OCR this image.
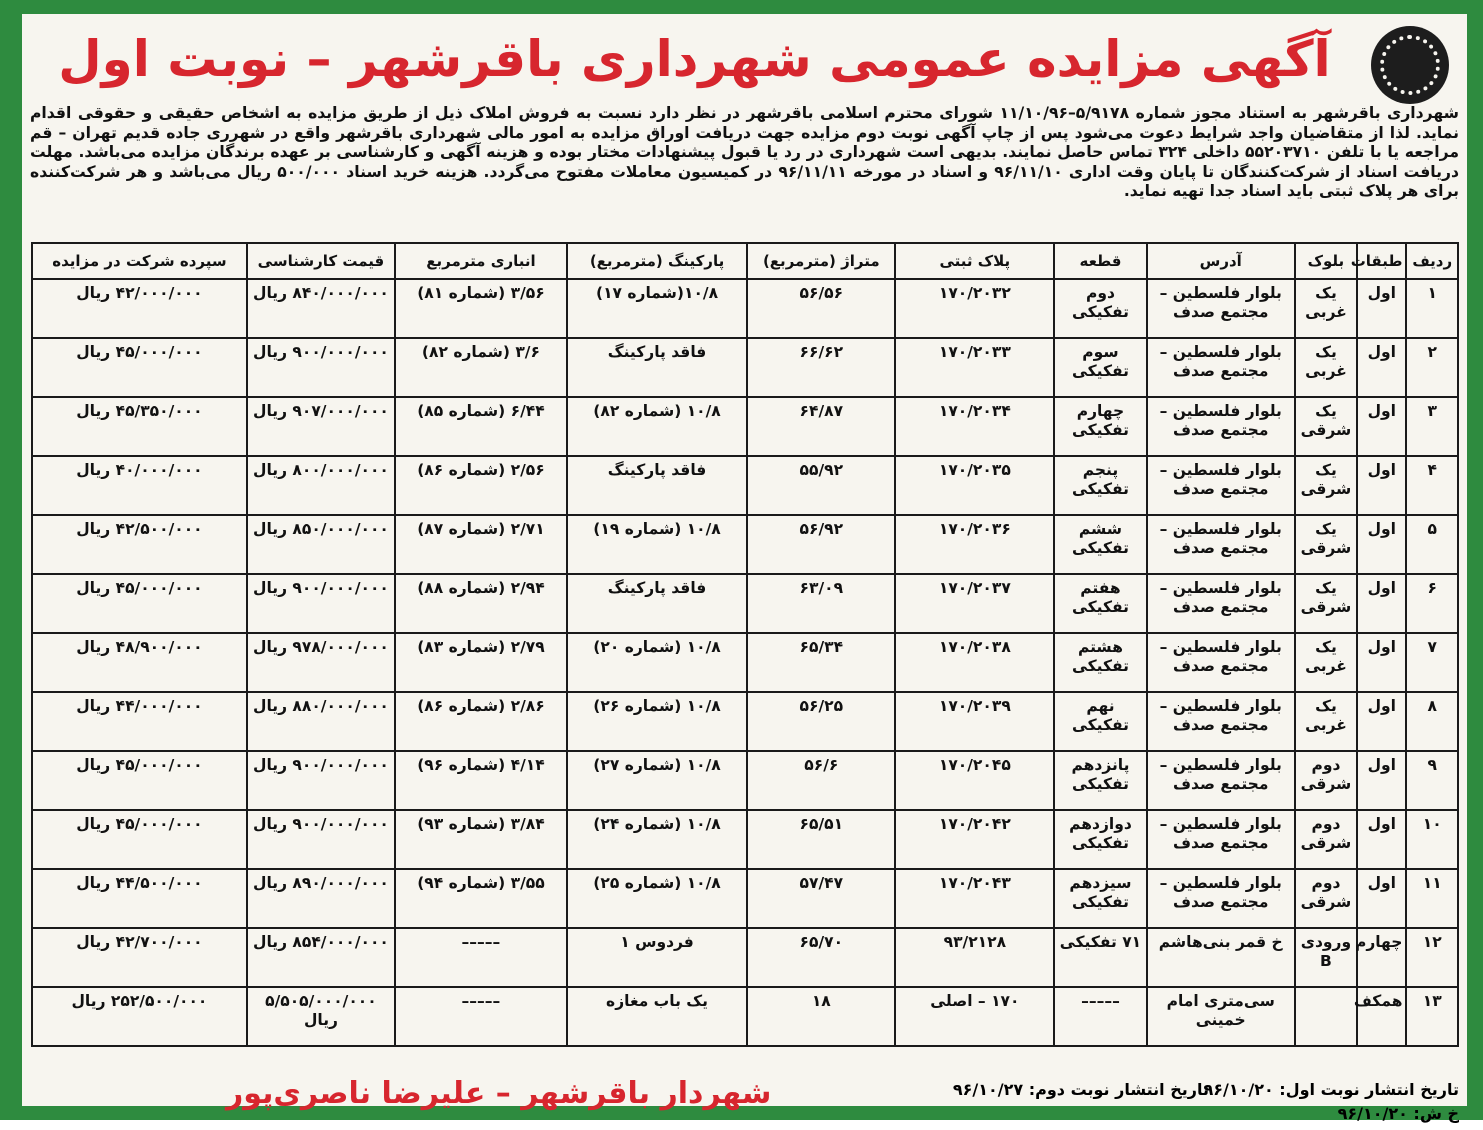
آگهی مزایده عمومی شهرداری باقرشهر – نوبت اول

شهرداری باقرشهر به استناد مجوز شماره ۵/۹۱۷۸–۱۱/۱۰/۹۶ شورای محترم اسلامی باقرشهر در نظر دارد نسبت به فروش املاک ذیل از طریق مزایده به اشخاص حقیقی و حقوقی اقدام نماید. لذا از متقاضیان واجد شرایط دعوت می‌شود پس از چاپ آگهی نوبت دوم مزایده جهت دریافت اوراق مزایده به امور مالی شهرداری باقرشهر واقع در شهرری جاده قدیم تهران – قم مراجعه یا با تلفن ۵۵۲۰۳۷۱۰ داخلی ۳۲۴ تماس حاصل نمایند. بدیهی است شهرداری در رد یا قبول پیشنهادات مختار بوده و هزینه آگهی و کارشناسی بر عهده برندگان مزایده می‌باشد. مهلت دریافت اسناد از شرکت‌کنندگان تا پایان وقت اداری ۹۶/۱۱/۱۰ و اسناد در مورخه ۹۶/۱۱/۱۱ در کمیسیون معاملات مفتوح می‌گردد. هزینه خرید اسناد ۵۰۰/۰۰۰ ریال می‌باشد و هر شرکت‌کننده برای هر پلاک ثبتی باید اسناد جدا تهیه نماید.

ردیف	طبقات	بلوک	آدرس	قطعه	پلاک ثبتی	متراژ (مترمربع)	پارکینگ (مترمربع)	انباری مترمربع	قیمت کارشناسی	سپرده شرکت در مزایده
۱	اول	یک غربی	بلوار فلسطین – مجتمع صدف	دوم تفکیکی	۱۷۰/۲۰۳۲	۵۶/۵۶	۱۰/۸(شماره ۱۷)	۳/۵۶ (شماره ۸۱)	۸۴۰/۰۰۰/۰۰۰ ریال	۴۲/۰۰۰/۰۰۰ ریال
۲	اول	یک غربی	بلوار فلسطین – مجتمع صدف	سوم تفکیکی	۱۷۰/۲۰۳۳	۶۶/۶۲	فاقد پارکینگ	۳/۶ (شماره ۸۲)	۹۰۰/۰۰۰/۰۰۰ ریال	۴۵/۰۰۰/۰۰۰ ریال
۳	اول	یک شرقی	بلوار فلسطین – مجتمع صدف	چهارم تفکیکی	۱۷۰/۲۰۳۴	۶۴/۸۷	۱۰/۸ (شماره ۸۲)	۶/۴۴ (شماره ۸۵)	۹۰۷/۰۰۰/۰۰۰ ریال	۴۵/۳۵۰/۰۰۰ ریال
۴	اول	یک شرقی	بلوار فلسطین – مجتمع صدف	پنجم تفکیکی	۱۷۰/۲۰۳۵	۵۵/۹۲	فاقد پارکینگ	۲/۵۶ (شماره ۸۶)	۸۰۰/۰۰۰/۰۰۰ ریال	۴۰/۰۰۰/۰۰۰ ریال
۵	اول	یک شرقی	بلوار فلسطین – مجتمع صدف	ششم تفکیکی	۱۷۰/۲۰۳۶	۵۶/۹۲	۱۰/۸ (شماره ۱۹)	۲/۷۱ (شماره ۸۷)	۸۵۰/۰۰۰/۰۰۰ ریال	۴۲/۵۰۰/۰۰۰ ریال
۶	اول	یک شرقی	بلوار فلسطین – مجتمع صدف	هفتم تفکیکی	۱۷۰/۲۰۳۷	۶۳/۰۹	فاقد پارکینگ	۲/۹۴ (شماره ۸۸)	۹۰۰/۰۰۰/۰۰۰ ریال	۴۵/۰۰۰/۰۰۰ ریال
۷	اول	یک غربی	بلوار فلسطین – مجتمع صدف	هشتم تفکیکی	۱۷۰/۲۰۳۸	۶۵/۳۴	۱۰/۸ (شماره ۲۰)	۲/۷۹ (شماره ۸۳)	۹۷۸/۰۰۰/۰۰۰ ریال	۴۸/۹۰۰/۰۰۰ ریال
۸	اول	یک غربی	بلوار فلسطین – مجتمع صدف	نهم تفکیکی	۱۷۰/۲۰۳۹	۵۶/۲۵	۱۰/۸ (شماره ۲۶)	۲/۸۶ (شماره ۸۶)	۸۸۰/۰۰۰/۰۰۰ ریال	۴۴/۰۰۰/۰۰۰ ریال
۹	اول	دوم شرقی	بلوار فلسطین – مجتمع صدف	پانزدهم تفکیکی	۱۷۰/۲۰۴۵	۵۶/۶	۱۰/۸ (شماره ۲۷)	۴/۱۴ (شماره ۹۶)	۹۰۰/۰۰۰/۰۰۰ ریال	۴۵/۰۰۰/۰۰۰ ریال
۱۰	اول	دوم شرقی	بلوار فلسطین – مجتمع صدف	دوازدهم تفکیکی	۱۷۰/۲۰۴۲	۶۵/۵۱	۱۰/۸ (شماره ۲۴)	۳/۸۴ (شماره ۹۳)	۹۰۰/۰۰۰/۰۰۰ ریال	۴۵/۰۰۰/۰۰۰ ریال
۱۱	اول	دوم شرقی	بلوار فلسطین – مجتمع صدف	سیزدهم تفکیکی	۱۷۰/۲۰۴۳	۵۷/۴۷	۱۰/۸ (شماره ۲۵)	۳/۵۵ (شماره ۹۴)	۸۹۰/۰۰۰/۰۰۰ ریال	۴۴/۵۰۰/۰۰۰ ریال
۱۲	چهارم	ورودی B	خ قمر بنی‌هاشم	۷۱ تفکیکی	۹۳/۲۱۲۸	۶۵/۷۰	فردوس ۱	–––––	۸۵۴/۰۰۰/۰۰۰ ریال	۴۲/۷۰۰/۰۰۰ ریال
۱۳	همکف		سی‌متری امام خمینی	–––––	۱۷۰ – اصلی	۱۸	یک باب مغازه	–––––	۵/۵۰۵/۰۰۰/۰۰۰ ریال	۲۵۲/۵۰۰/۰۰۰ ریال
تاریخ انتشار نوبت اول: ۹۶/۱۰/۲۰
تاریخ انتشار نوبت دوم: ۹۶/۱۰/۲۷
خ ش: ۹۶/۱۰/۲۰
شهردار باقرشهر – علیرضا ناصری‌پور
